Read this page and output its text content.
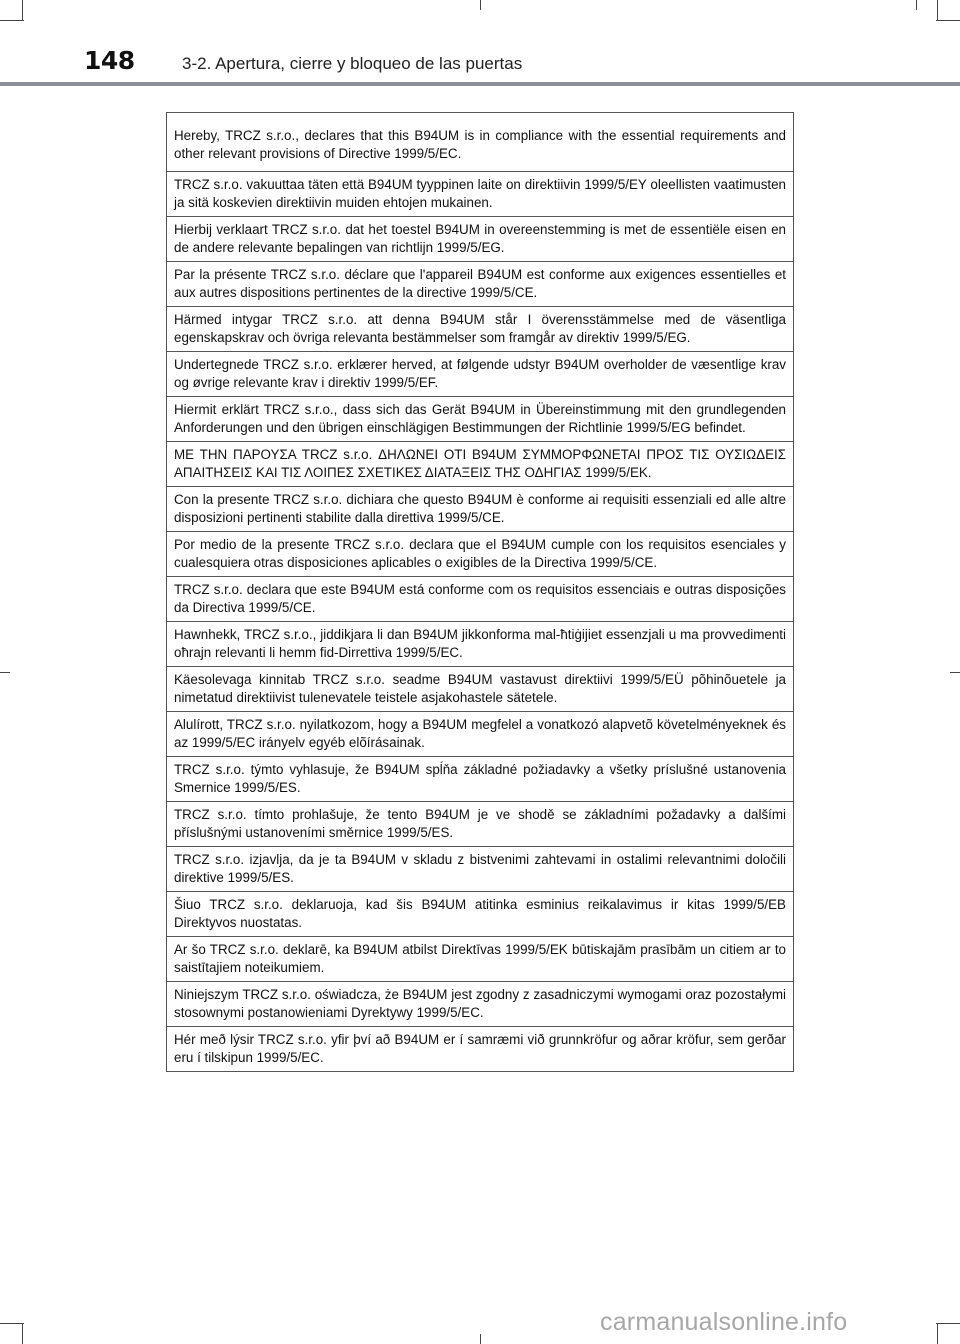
148	3-2. Apertura, cierre y bloqueo de las puertas
Hereby, TRCZ s.r.o., declares that this B94UM is in compliance with the essential requirements and other relevant provisions of Directive 1999/5/EC.
TRCZ s.r.o. vakuuttaa täten että B94UM tyyppinen laite on direktiivin 1999/5/EY oleellisten vaatimusten ja sitä koskevien direktiivin muiden ehtojen mukainen.
Hierbij verklaart TRCZ s.r.o. dat het toestel B94UM in overeenstemming is met de essentiële eisen en de andere relevante bepalingen van richtlijn 1999/5/EG.
Par la présente TRCZ s.r.o. déclare que l'appareil B94UM est conforme aux exigences essentielles et aux autres dispositions pertinentes de la directive 1999/5/CE.
Härmed intygar TRCZ s.r.o. att denna B94UM står I överensstämmelse med de väsentliga egenskapskrav och övriga relevanta bestämmelser som framgår av direktiv 1999/5/EG.
Undertegnede TRCZ s.r.o. erklærer herved, at følgende udstyr B94UM overholder de væsentlige krav og øvrige relevante krav i direktiv 1999/5/EF.
Hiermit erklärt TRCZ s.r.o., dass sich das Gerät B94UM in Übereinstimmung mit den grundlegenden Anforderungen und den übrigen einschlägigen Bestimmungen der Richtlinie 1999/5/EG befindet.
ΜΕ ΤΗΝ ΠΑΡΟΥΣΑ TRCZ s.r.o. ΔΗΛΩΝΕΙ ΟΤΙ B94UM ΣΥΜΜΟΡΦΩΝΕΤΑΙ ΠΡΟΣ ΤΙΣ ΟΥΣΙΩΔΕΙΣ ΑΠΑΙΤΗΣΕΙΣ ΚΑΙ ΤΙΣ ΛΟΙΠΕΣ ΣΧΕΤΙΚΕΣ ΔΙΑΤΑΞΕΙΣ ΤΗΣ ΟΔΗΓΙΑΣ 1999/5/ΕΚ.
Con la presente TRCZ s.r.o. dichiara che questo B94UM è conforme ai requisiti essenziali ed alle altre disposizioni pertinenti stabilite dalla direttiva 1999/5/CE.
Por medio de la presente TRCZ s.r.o. declara que el B94UM cumple con los requisitos esenciales y cualesquiera otras disposiciones aplicables o exigibles de la Directiva 1999/5/CE.
TRCZ s.r.o. declara que este B94UM está conforme com os requisitos essenciais e outras disposições da Directiva 1999/5/CE.
Hawnhekk, TRCZ s.r.o., jiddikjara li dan B94UM jikkonforma mal-ħtiġijiet essenzjali u ma provvedimenti oħrajn relevanti li hemm fid-Dirrettiva 1999/5/EC.
Käesolevaga kinnitab TRCZ s.r.o. seadme B94UM vastavust direktiivi 1999/5/EÜ põhinõuetele ja nimetatud direktiivist tulenevatele teistele asjakohastele sätetele.
Alulírott, TRCZ s.r.o. nyilatkozom, hogy a B94UM megfelel a vonatkozó alapvetõ követelményeknek és az 1999/5/EC irányelv egyéb elõírásainak.
TRCZ s.r.o. týmto vyhlasuje, že B94UM spĺňa základné požiadavky a všetky príslušné ustanovenia Smernice 1999/5/ES.
TRCZ s.r.o. tímto prohlašuje, že tento B94UM je ve shodě se základními požadavky a dalšími příslušnými ustanoveními směrnice 1999/5/ES.
TRCZ s.r.o. izjavlja, da je ta B94UM v skladu z bistvenimi zahtevami in ostalimi relevantnimi določili direktive 1999/5/ES.
Šiuo TRCZ s.r.o. deklaruoja, kad šis B94UM atitinka esminius reikalavimus ir kitas 1999/5/EB Direktyvos nuostatas.
Ar šo TRCZ s.r.o. deklarē, ka B94UM atbilst Direktīvas 1999/5/EK būtiskajām prasībām un citiem ar to saistītajiem noteikumiem.
Niniejszym TRCZ s.r.o. oświadcza, że B94UM jest zgodny z zasadniczymi wymogami oraz pozostałymi stosownymi postanowieniami Dyrektywy 1999/5/EC.
Hér með lýsir TRCZ s.r.o. yfir því að B94UM er í samræmi við grunnkröfur og aðrar kröfur, sem gerðar eru í tilskipun 1999/5/EC.
carmanualsonline.info
